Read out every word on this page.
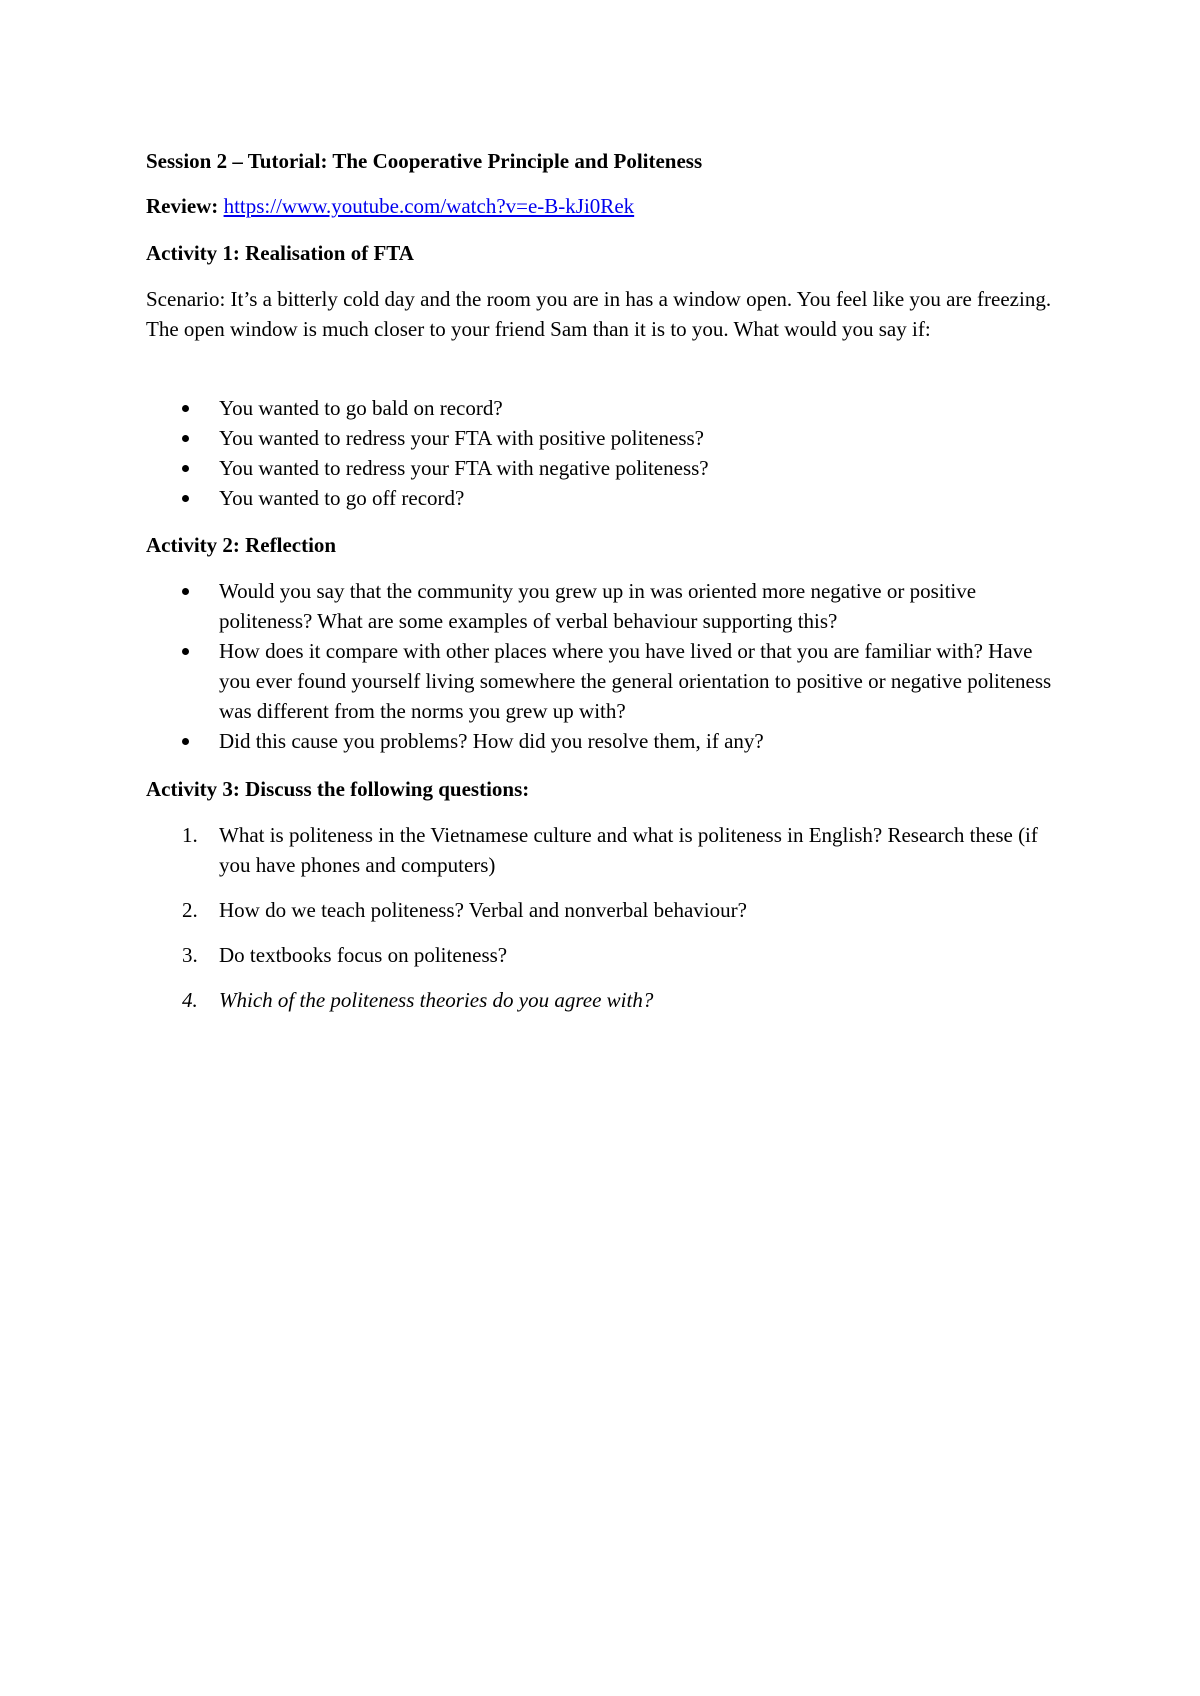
Session 2 – Tutorial: The Cooperative Principle and Politeness
Review: https://www.youtube.com/watch?v=e-B-kJi0Rek
Activity 1: Realisation of FTA

Scenario: It’s a bitterly cold day and the room you are in has a window open. You feel like you are freezing. The open window is much closer to your friend Sam than it is to you. What would you say if:

You wanted to go bald on record?
You wanted to redress your FTA with positive politeness?
You wanted to redress your FTA with negative politeness?
You wanted to go off record?
Activity 2: Reflection
Would you say that the community you grew up in was oriented more negative or positive politeness? What are some examples of verbal behaviour supporting this?
How does it compare with other places where you have lived or that you are familiar with? Have you ever found yourself living somewhere the general orientation to positive or negative politeness was different from the norms you grew up with?
Did this cause you problems? How did you resolve them, if any?
Activity 3: Discuss the following questions:
1. What is politeness in the Vietnamese culture and what is politeness in English? Research these (if you have phones and computers)
2. How do we teach politeness? Verbal and nonverbal behaviour?
3. Do textbooks focus on politeness?
4. Which of the politeness theories do you agree with?
